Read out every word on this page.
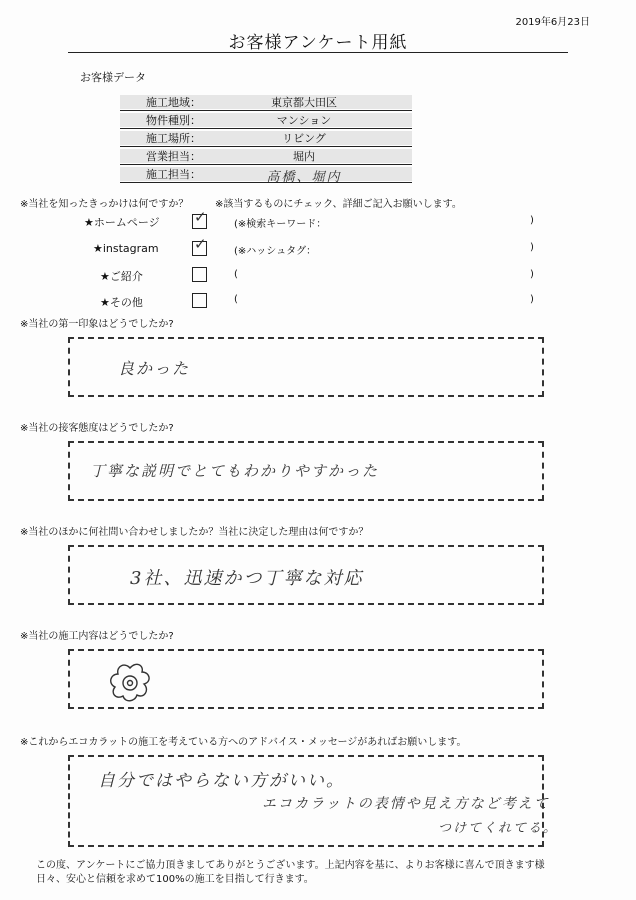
2019年6月23日
お客様アンケート用紙
お客様データ
施工地域：	東京都大田区
物件種別：	マンション
施工場所：	リビング
営業担当：	堀内
施工担当：	高橋、堀内
※当社を知ったきっかけは何ですか？	※該当するものにチェック、詳細ご記入お願いします。
★ホームページ ✓	(※検索キーワード：	)
★instagram ✓	(※ハッシュタグ：	)
★ご紹介	(	)
★その他	(	)
※当社の第一印象はどうでしたか?
良かった
※当社の接客態度はどうでしたか?
丁寧な説明でとてもわかりやすかった
※当社のほかに何社問い合わせしましたか？当社に決定した理由は何ですか？
3社、迅速かつ丁寧な対応
※当社の施工内容はどうでしたか?
※これからエコカラットの施工を考えている方へのアドバイス・メッセージがあればお願いします。
自分ではやらない方がいい。
エコカラットの表情や見え方など考えて
つけてくれてる。
この度、アンケートにご協力頂きましてありがとうございます。上記内容を基に、よりお客様に喜んで頂きます様
日々、安心と信頼を求めて100%の施工を目指して行きます。
